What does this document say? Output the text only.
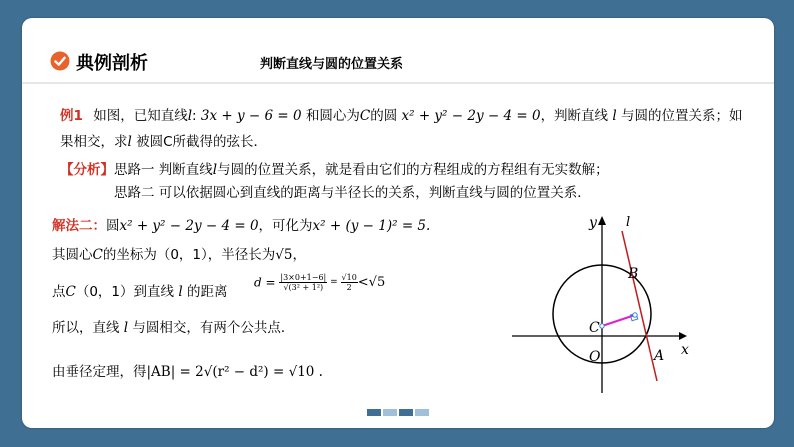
典例剖析	判断直线与圆的位置关系
例1 如图，已知直线l: 3x + y − 6 = 0 和圆心为C的圆 x² + y² − 2y − 4 = 0，判断直线 l 与圆的位置关系；如
果相交，求l 被圆C所截得的弦长．
【分析】思路一 判断直线l与圆的位置关系，就是看由它们的方程组成的方程组有无实数解；
思路二 可以依据圆心到直线的距离与半径长的关系，判断直线与圆的位置关系．
解法二：圆x² + y² − 2y − 4 = 0，可化为x² + (y − 1)² = 5.
其圆心C的坐标为（0，1），半径长为√5，
点C（0，1）到直线 l 的距离
$d = \frac{|3\times 0+1-6|}{\text{√(3² + 1²)}} = \frac{√10}{2} <√5$
所以，直线 l 与圆相交，有两个公共点．
由垂径定理，得|AB| = 2√(r² − d²) = √10 .
y
x
l
B
C
O	A
